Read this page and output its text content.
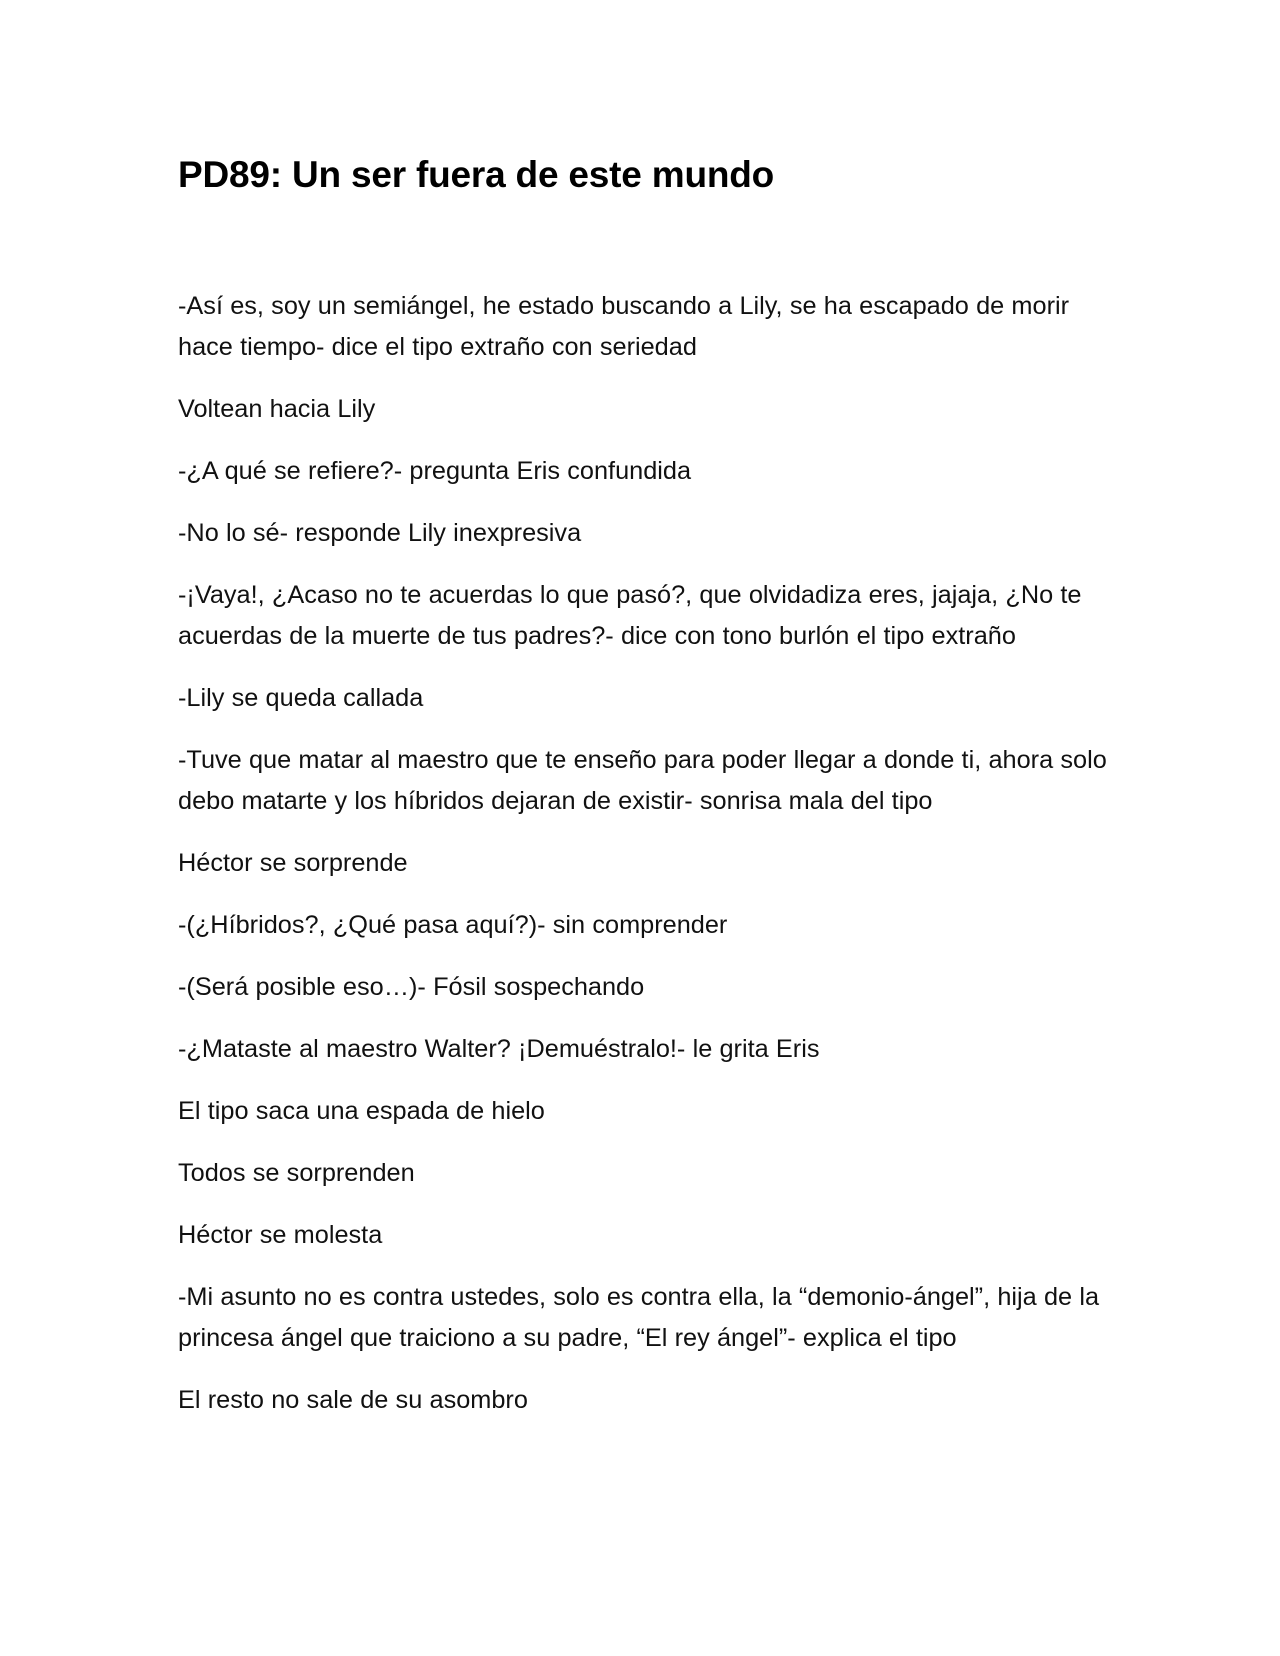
PD89: Un ser fuera de este mundo

-Así es, soy un semiángel, he estado buscando a Lily, se ha escapado de morir hace tiempo- dice el tipo extraño con seriedad

Voltean hacia Lily

-¿A qué se refiere?- pregunta Eris confundida

-No lo sé- responde Lily inexpresiva

-¡Vaya!, ¿Acaso no te acuerdas lo que pasó?, que olvidadiza eres, jajaja, ¿No te acuerdas de la muerte de tus padres?- dice con tono burlón el tipo extraño

-Lily se queda callada

-Tuve que matar al maestro que te enseño para poder llegar a donde ti, ahora solo debo matarte y los híbridos dejaran de existir- sonrisa mala del tipo

Héctor se sorprende

-(¿Híbridos?, ¿Qué pasa aquí?)- sin comprender

-(Será posible eso…)- Fósil sospechando

-¿Mataste al maestro Walter? ¡Demuéstralo!- le grita Eris

El tipo saca una espada de hielo

Todos se sorprenden

Héctor se molesta

-Mi asunto no es contra ustedes, solo es contra ella, la “demonio-ángel”, hija de la princesa ángel que traiciono a su padre, “El rey ángel”- explica el tipo

El resto no sale de su asombro
